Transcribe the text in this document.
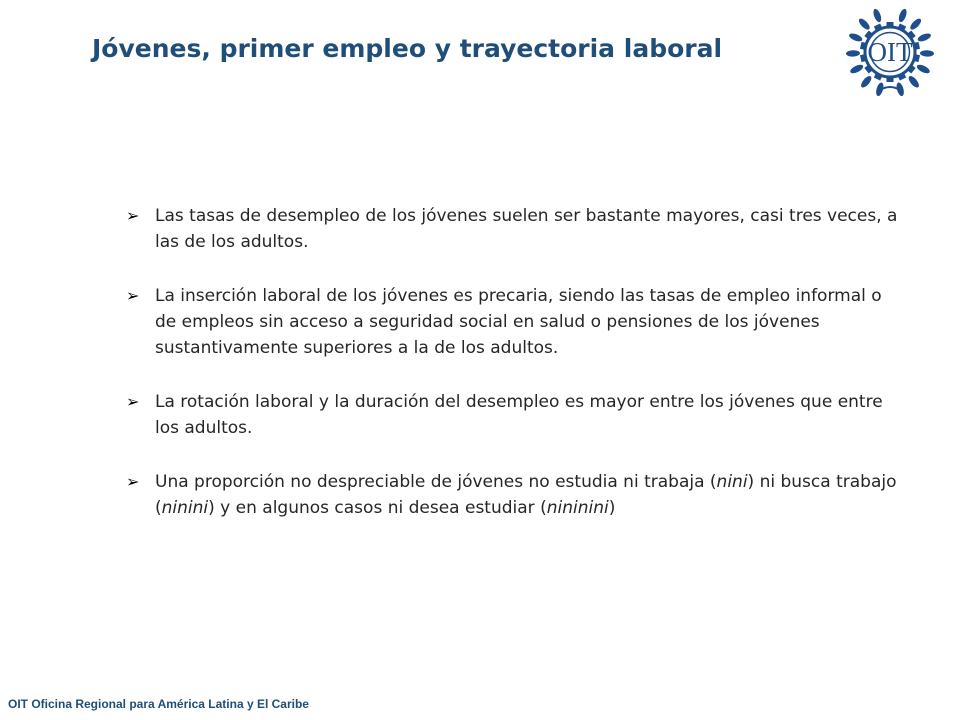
Jóvenes, primer empleo y trayectoria laboral	OIT
➢ Las tasas de desempleo de los jóvenes suelen ser bastante mayores, casi tres veces, a las de los adultos.
➢ La inserción laboral de los jóvenes es precaria, siendo las tasas de empleo informal o de empleos sin acceso a seguridad social en salud o pensiones de los jóvenes sustantivamente superiores a la de los adultos.
➢ La rotación laboral y la duración del desempleo es mayor entre los jóvenes que entre los adultos.
➢ Una proporción no despreciable de jóvenes no estudia ni trabaja (nini) ni busca trabajo (ninini) y en algunos casos ni desea estudiar (nininini)
OIT Oficina Regional para América Latina y El Caribe
